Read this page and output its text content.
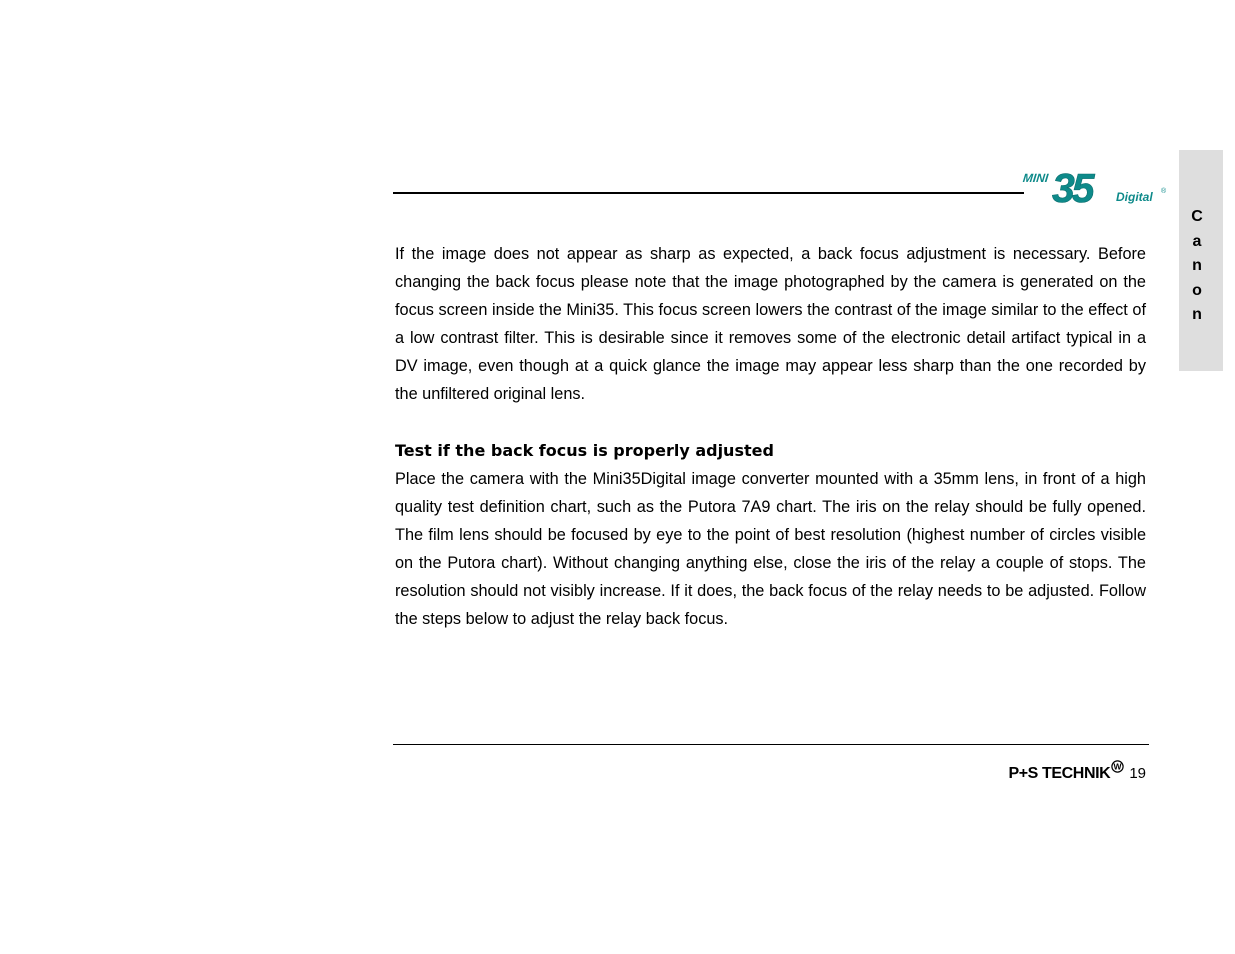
MINI 35	Digital ®
C
a
n
o
n

If the image does not appear as sharp as expected, a back focus adjustment is necessary. Before changing the back focus please note that the image photographed by the camera is generated on the focus screen inside the Mini35. This focus screen lowers the contrast of the image similar to the effect of a low contrast filter. This is desirable since it removes some of the electronic detail artifact typical in a DV image, even though at a quick glance the image may appear less sharp than the one recorded by the unfiltered original lens.

Test if the back focus is properly adjusted

Place the camera with the Mini35Digital image converter mounted with a 35mm lens, in front of a high quality test definition chart, such as the Putora 7A9 chart. The iris on the relay should be fully opened. The film lens should be focused by eye to the point of best resolution (highest number of circles visible on the Putora chart). Without changing anything else, close the iris of the relay a couple of stops. The resolution should not visibly increase. If it does, the back focus of the relay needs to be adjusted. Follow the steps below to adjust the relay back focus.

P+S TECHNIK W 19
